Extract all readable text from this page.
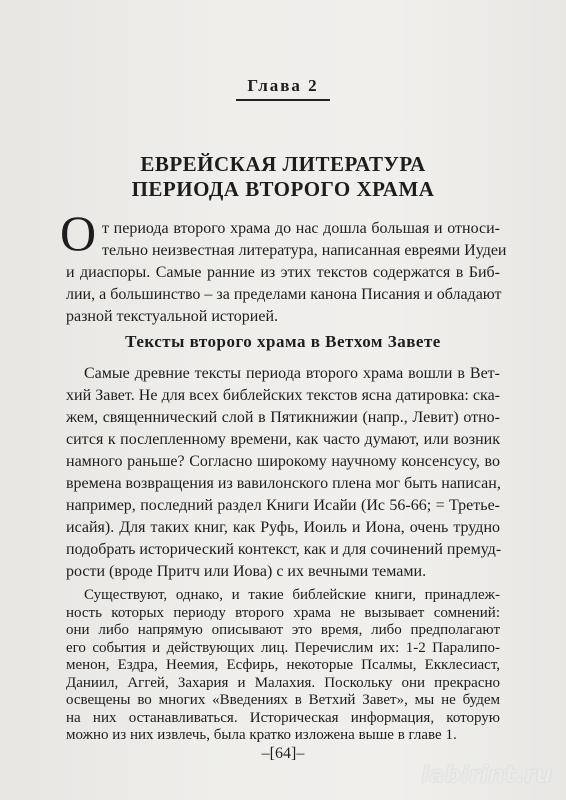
Глава 2
ЕВРЕЙСКАЯ ЛИТЕРАТУРА
ПЕРИОДА ВТОРОГО ХРАМА
О т периода второго храма до нас дошла большая и относи-
тельно неизвестная литература, написанная евреями Иудеи
и диаспоры. Самые ранние из этих текстов содержатся в Биб-
лии, а большинство – за пределами канона Писания и обладают
разной текстуальной историей.
Тексты второго храма в Ветхом Завете
Самые древние тексты периода второго храма вошли в Вет-
хий Завет. Не для всех библейских текстов ясна датировка: ска-
жем, священнический слой в Пятикнижии (напр., Левит) отно-
сится к послепленному времени, как часто думают, или возник
намного раньше? Согласно широкому научному консенсусу, во
времена возвращения из вавилонского плена мог быть написан,
например, последний раздел Книги Исайи (Ис 56-66; = Третье-
исайя). Для таких книг, как Руфь, Иоиль и Иона, очень трудно
подобрать исторический контекст, как и для сочинений премуд-
рости (вроде Притч или Иова) с их вечными темами.
Существуют, однако, и такие библейские книги, принадлеж-
ность которых периоду второго храма не вызывает сомнений:
они либо напрямую описывают это время, либо предполагают
его события и действующих лиц. Перечислим их: 1-2 Паралипо-
менон, Ездра, Неемия, Есфирь, некоторые Псалмы, Екклесиаст,
Даниил, Аггей, Захария и Малахия. Поскольку они прекрасно
освещены во многих «Введениях в Ветхий Завет», мы не будем
–[64]–
labirint.ru
на них останавливаться. Историческая информация, которую
можно из них извлечь, была кратко изложена выше в главе 1.
